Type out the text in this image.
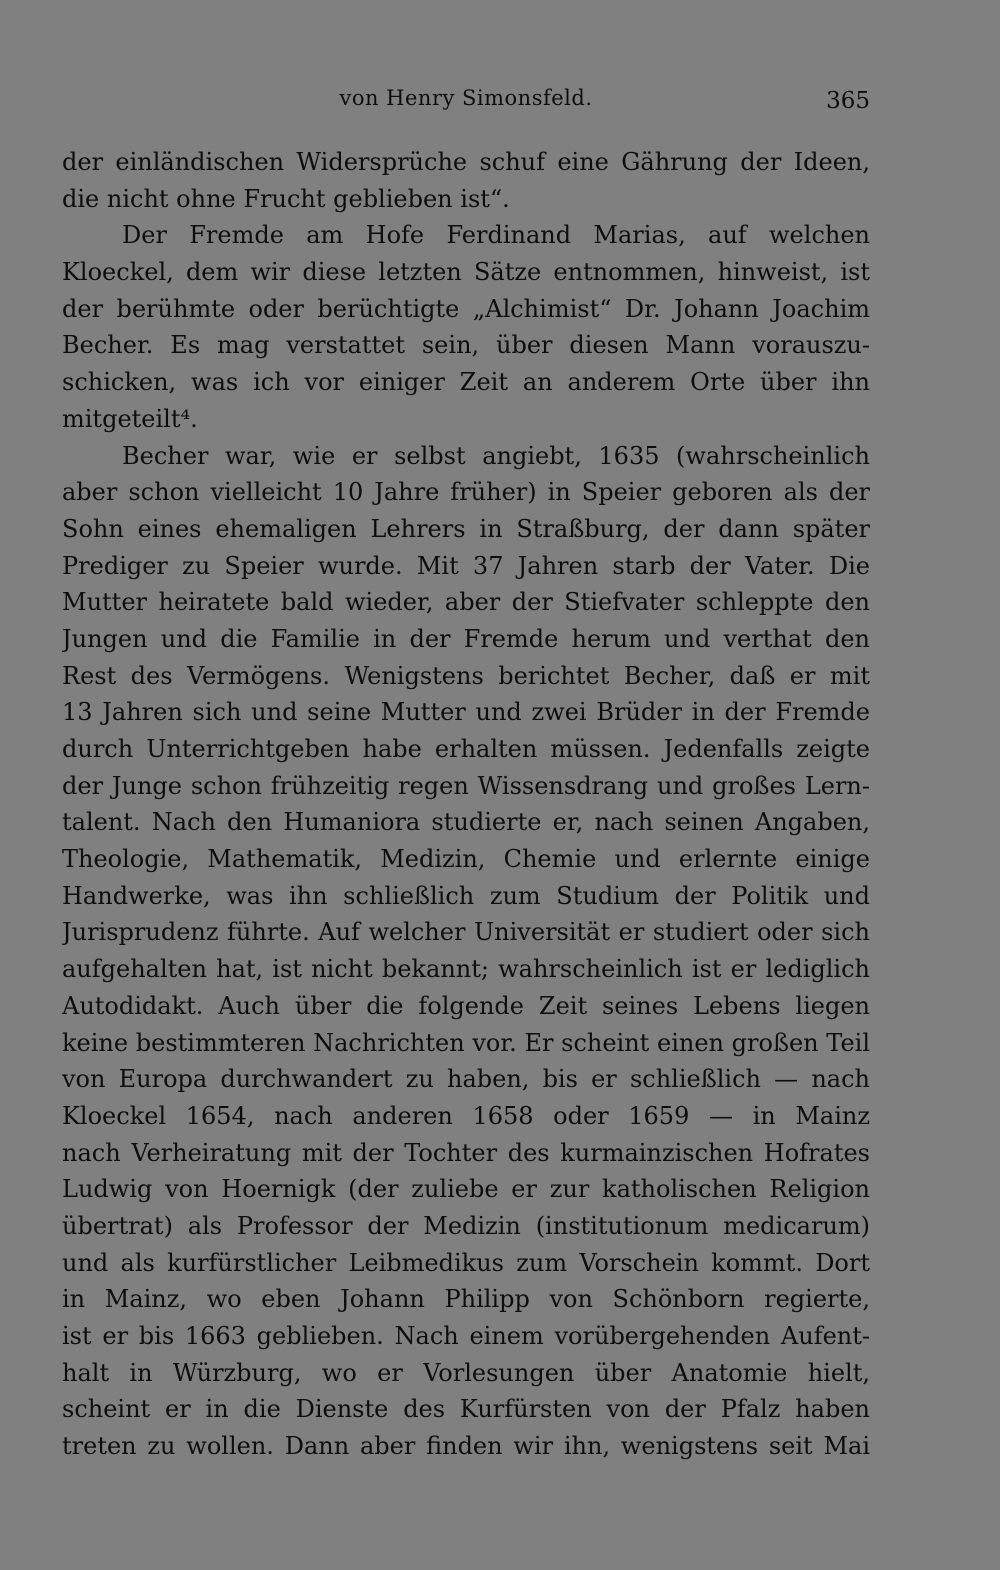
von Henry Simonsfeld.	365
der einländischen Widersprüche schuf eine Gährung der Ideen,
die nicht ohne Frucht geblieben ist“.
Der Fremde am Hofe Ferdinand Marias, auf welchen
Kloeckel, dem wir diese letzten Sätze entnommen, hinweist, ist
der berühmte oder berüchtigte „Alchimist“ Dr. Johann Joachim
Becher. Es mag verstattet sein, über diesen Mann vorauszu-
schicken, was ich vor einiger Zeit an anderem Orte über ihn
mitgeteilt⁴.
Becher war, wie er selbst angiebt, 1635 (wahrscheinlich
aber schon vielleicht 10 Jahre früher) in Speier geboren als der
Sohn eines ehemaligen Lehrers in Straßburg, der dann später
Prediger zu Speier wurde. Mit 37 Jahren starb der Vater. Die
Mutter heiratete bald wieder, aber der Stiefvater schleppte den
Jungen und die Familie in der Fremde herum und verthat den
Rest des Vermögens. Wenigstens berichtet Becher, daß er mit
13 Jahren sich und seine Mutter und zwei Brüder in der Fremde
durch Unterrichtgeben habe erhalten müssen. Jedenfalls zeigte
der Junge schon frühzeitig regen Wissensdrang und großes Lern-
talent. Nach den Humaniora studierte er, nach seinen Angaben,
Theologie, Mathematik, Medizin, Chemie und erlernte einige
Handwerke, was ihn schließlich zum Studium der Politik und
Jurisprudenz führte. Auf welcher Universität er studiert oder sich
aufgehalten hat, ist nicht bekannt; wahrscheinlich ist er lediglich
Autodidakt. Auch über die folgende Zeit seines Lebens liegen
keine bestimmteren Nachrichten vor. Er scheint einen großen Teil
von Europa durchwandert zu haben, bis er schließlich — nach
Kloeckel 1654, nach anderen 1658 oder 1659 — in Mainz
nach Verheiratung mit der Tochter des kurmainzischen Hofrates
Ludwig von Hoernigk (der zuliebe er zur katholischen Religion
übertrat) als Professor der Medizin (institutionum medicarum)
und als kurfürstlicher Leibmedikus zum Vorschein kommt. Dort
in Mainz, wo eben Johann Philipp von Schönborn regierte,
ist er bis 1663 geblieben. Nach einem vorübergehenden Aufent-
halt in Würzburg, wo er Vorlesungen über Anatomie hielt,
scheint er in die Dienste des Kurfürsten von der Pfalz haben
treten zu wollen. Dann aber finden wir ihn, wenigstens seit Mai
